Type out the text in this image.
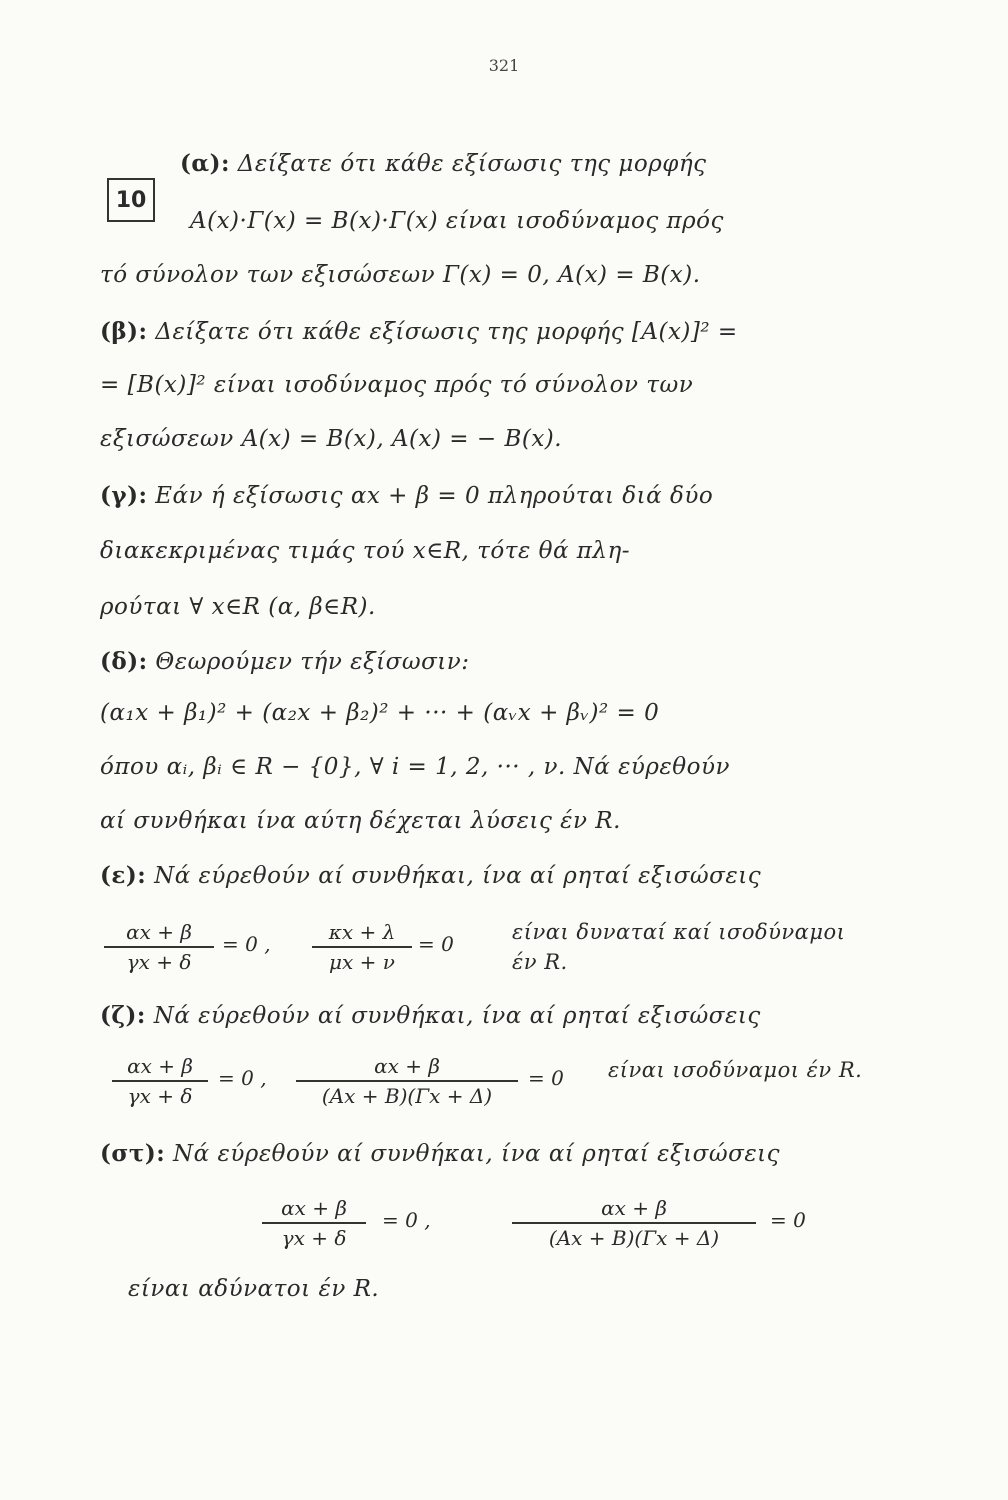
321
10
(α): Δείξατε ότι κάθε εξίσωσις της μορφής
A(x)·Γ(x) = B(x)·Γ(x) είναι ισοδύναμος πρός
τό σύνολον των εξισώσεων Γ(x) = 0, A(x) = B(x).
(β): Δείξατε ότι κάθε εξίσωσις της μορφής [A(x)]² =
= [B(x)]² είναι ισοδύναμος πρός τό σύνολον των
εξισώσεων A(x) = B(x), A(x) = − B(x).
(γ): Εάν ή εξίσωσις αx + β = 0 πληρούται διά δύο
διακεκριμένας τιμάς τού x∈R, τότε θά πλη-
ρούται ∀ x∈R (α, β∈R).
(δ): Θεωρούμεν τήν εξίσωσιν:
(α₁x + β₁)² + (α₂x + β₂)² + ··· + (αᵥx + βᵥ)² = 0
όπου αᵢ, βᵢ ∈ R − {0}, ∀ i = 1, 2, ··· , ν. Νά εύρεθούν
αί συνθήκαι ίνα αύτη δέχεται λύσεις έν R.
(ε): Νά εύρεθούν αί συνθήκαι, ίνα αί ρηταί εξισώσεις
αx + β
γx + δ
= 0 ,	κx + λ
μx + ν
= 0	είναι δυναταί καί ισοδύναμοι
έν R.
(ζ): Νά εύρεθούν αί συνθήκαι, ίνα αί ρηταί εξισώσεις
αx + β
γx + δ
= 0 ,	αx + β
(Ax + B)(Γx + Δ)
= 0 είναι ισοδύναμοι έν R.
(στ): Νά εύρεθούν αί συνθήκαι, ίνα αί ρηταί εξισώσεις
αx + β
γx + δ
= 0 ,	αx + β
(Ax + B)(Γx + Δ)
= 0
είναι αδύνατοι έν R.
